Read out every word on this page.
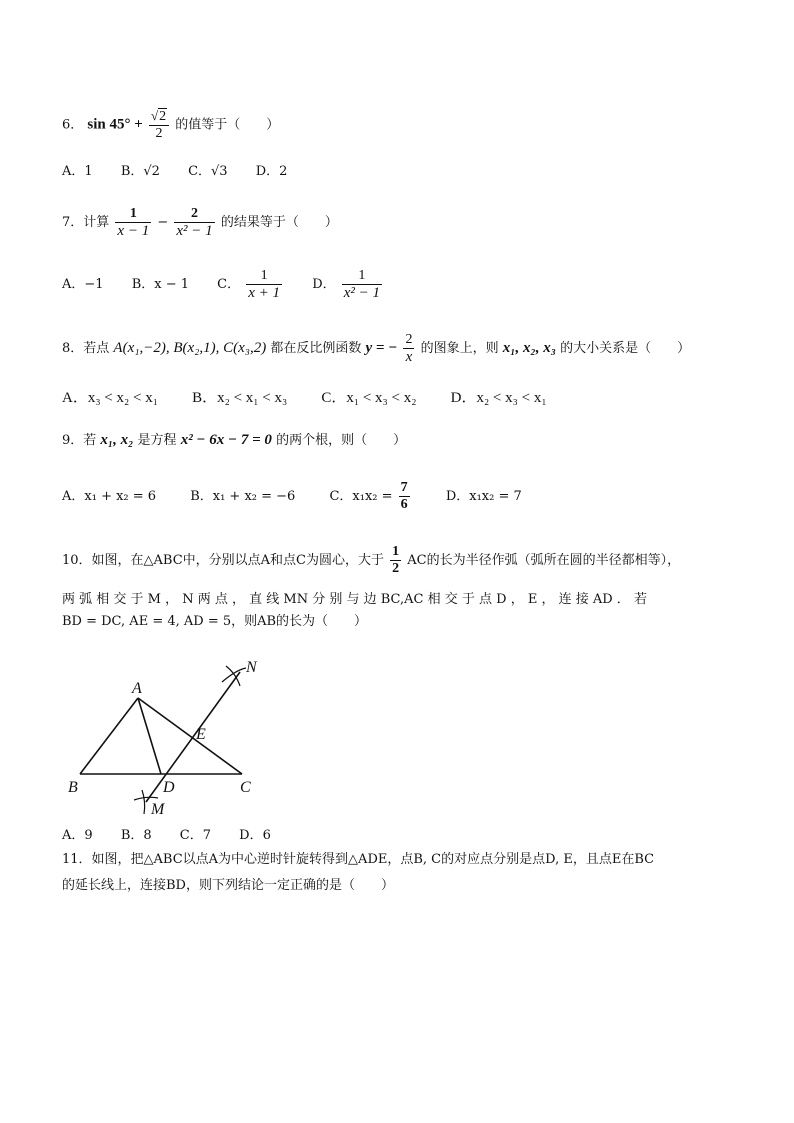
6． $\sin 45^\circ + \frac{√2}{2}$ 的值等于（　　）
A．1 B．√2 C．√3 D．2
7．计算 $\frac{1}{x - 1} - \frac{2}{\text{x² − 1}}$ 的结果等于（　　）
A．−1 B．x − 1 C． $\frac{1}{x + 1}$ D． $\frac{1}{\text{x² − 1}}$
8．若点 A(x₁,−2), B(x₂,1), C(x₃,2) 都在反比例函数 y = − $\frac{2}{x}$ 的图象上，则 x₁, x₂, x₃ 的大小关系是（　　）
A．x₃ < x₂ < x₁ B．x₂ < x₁ < x₃ C．x₁ < x₃ < x₂ D．x₂ < x₃ < x₁
9．若 x₁, x₂ 是方程 x² − 6x − 7 = 0 的两个根，则（　　）
A．x₁ + x₂ = 6	B．x₁ + x₂ = −6	C．$x_1x_2 = \frac{7}{6}$	D．x₁x₂ = 7
10．如图，在△ABC中，分别以点A和点C为圆心，大于 $\frac{1}{2}$ AC的长为半径作弧（弧所在圆的半径都相等），
两 弧 相 交 于 M ， N 两 点 ， 直 线 MN 分 别 与 边 BC,AC 相 交 于 点 D ， E ， 连 接 AD ． 若
BD = DC, AE = 4, AD = 5，则AB的长为（　　）
A
B	C
D
E
M
N
A．9 B．8 C．7 D．6
11．如图，把△ABC以点A为中心逆时针旋转得到△ADE，点B, C的对应点分别是点D, E，且点E在BC
的延长线上，连接BD，则下列结论一定正确的是（　　）
